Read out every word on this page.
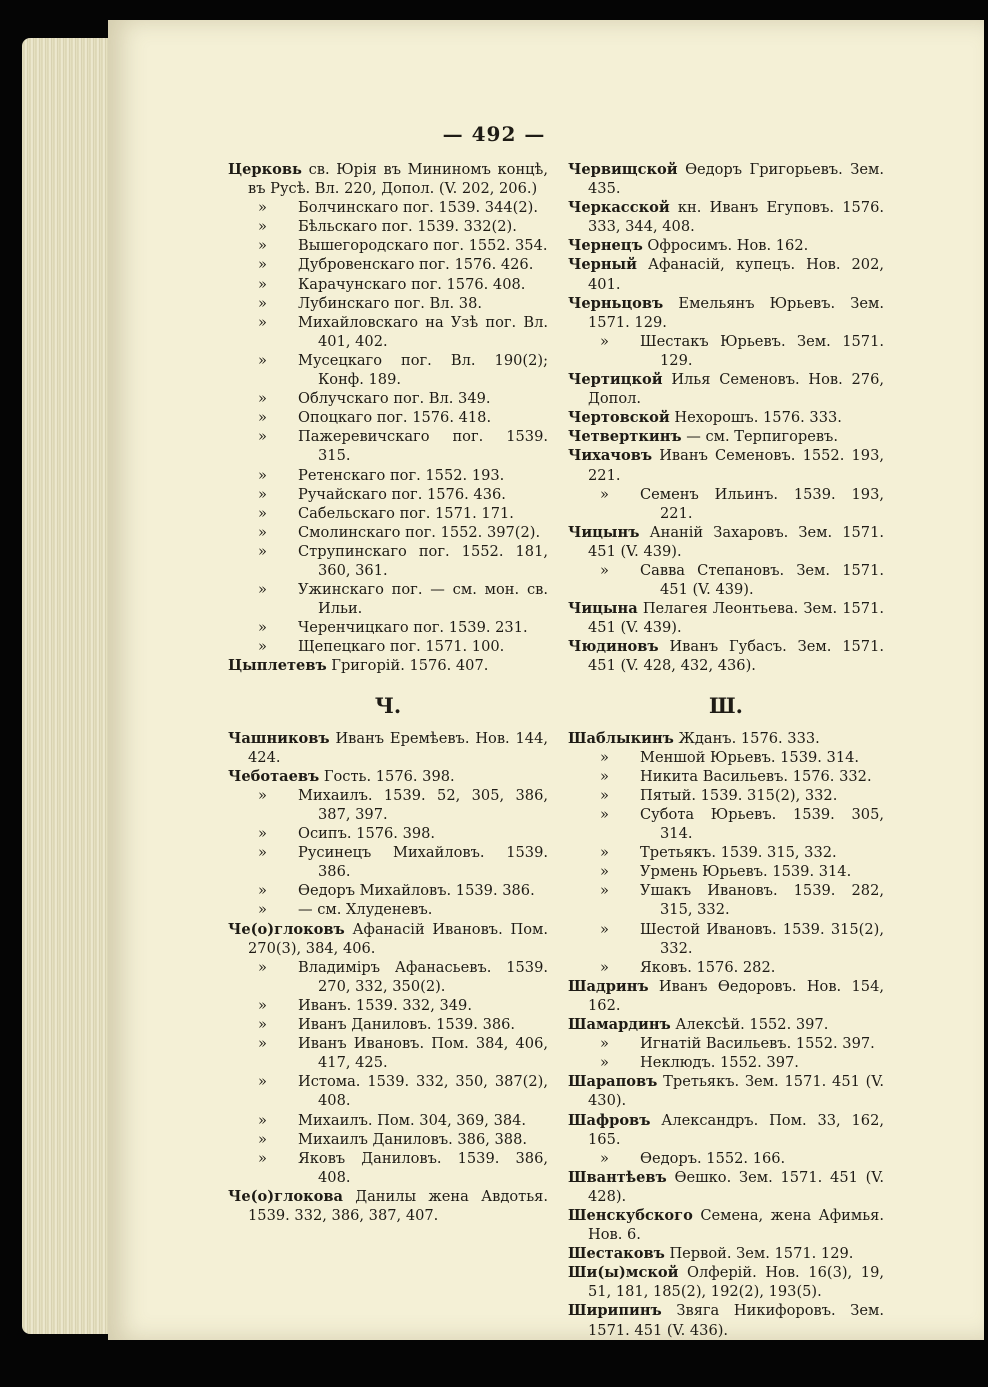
— 492 —
Церковь св. Юрія въ Мининомъ концѣ, въ Русѣ. Вл. 220, Допол. (V. 202, 206.)
» Болчинскаго пог. 1539. 344(2).
» Бѣльскаго пог. 1539. 332(2).
» Вышегородскаго пог. 1552. 354.
» Дубровенскаго пог. 1576. 426.
» Карачунскаго пог. 1576. 408.
» Лубинскаго пог. Вл. 38.
» Михайловскаго на Узѣ пог. Вл. 401, 402.
» Мусецкаго пог. Вл. 190(2); Конф. 189.
» Облучскаго пог. Вл. 349.
» Опоцкаго пог. 1576. 418.
» Пажеревичскаго пог. 1539. 315.
» Ретенскаго пог. 1552. 193.
» Ручайскаго пог. 1576. 436.
» Сабельскаго пог. 1571. 171.
» Смолинскаго пог. 1552. 397(2).
» Струпинскаго пог. 1552. 181, 360, 361.
» Ужинскаго пог. — см. мон. св. Ильи.
» Черенчицкаго пог. 1539. 231.
» Щепецкаго пог. 1571. 100.
Цыплетевъ Григорій. 1576. 407.
Ч.
Чашниковъ Иванъ Еремѣевъ. Нов. 144, 424.
Чеботаевъ Гость. 1576. 398.
» Михаилъ. 1539. 52, 305, 386, 387, 397.
» Осипъ. 1576. 398.
» Русинецъ Михайловъ. 1539. 386.
» Өедоръ Михайловъ. 1539. 386.
» — см. Хлуденевъ.
Че(о)глоковъ Афанасій Ивановъ. Пом. 270(3), 384, 406.
» Владиміръ Афанасьевъ. 1539. 270, 332, 350(2).
» Иванъ. 1539. 332, 349.
» Иванъ Даниловъ. 1539. 386.
» Иванъ Ивановъ. Пом. 384, 406, 417, 425.
» Истома. 1539. 332, 350, 387(2), 408.
» Михаилъ. Пом. 304, 369, 384.
» Михаилъ Даниловъ. 386, 388.
» Яковъ Даниловъ. 1539. 386, 408.
Че(о)глокова Данилы жена Авдотья. 1539. 332, 386, 387, 407.
Червищской Өедоръ Григорьевъ. Зем. 435.
Черкасской кн. Иванъ Егуповъ. 1576. 333, 344, 408.
Чернецъ Офросимъ. Нов. 162.
Черный Афанасій, купецъ. Нов. 202, 401.
Черньцовъ Емельянъ Юрьевъ. Зем. 1571. 129.
» Шестакъ Юрьевъ. Зем. 1571. 129.
Чертицкой Илья Семеновъ. Нов. 276, Допол.
Чертовской Нехорошъ. 1576. 333.
Четверткинъ — см. Терпигоревъ.
Чихачовъ Иванъ Семеновъ. 1552. 193, 221.
» Семенъ Ильинъ. 1539. 193, 221.
Чицынъ Ананій Захаровъ. Зем. 1571. 451 (V. 439).
» Савва Степановъ. Зем. 1571. 451 (V. 439).
Чицына Пелагея Леонтьева. Зем. 1571. 451 (V. 439).
Чюдиновъ Иванъ Губасъ. Зем. 1571. 451 (V. 428, 432, 436).
Ш.
Шаблыкинъ Жданъ. 1576. 333.
» Меншой Юрьевъ. 1539. 314.
» Никита Васильевъ. 1576. 332.
» Пятый. 1539. 315(2), 332.
» Субота Юрьевъ. 1539. 305, 314.
» Третьякъ. 1539. 315, 332.
» Урмень Юрьевъ. 1539. 314.
» Ушакъ Ивановъ. 1539. 282, 315, 332.
» Шестой Ивановъ. 1539. 315(2), 332.
» Яковъ. 1576. 282.
Шадринъ Иванъ Өедоровъ. Нов. 154, 162.
Шамардинъ Алексѣй. 1552. 397.
» Игнатій Васильевъ. 1552. 397.
» Неклюдъ. 1552. 397.
Шараповъ Третьякъ. Зем. 1571. 451 (V. 430).
Шафровъ Александръ. Пом. 33, 162, 165.
» Өедоръ. 1552. 166.
Швантѣевъ Өешко. Зем. 1571. 451 (V. 428).
Шенскубского Семена, жена Афимья. Нов. 6.
Шестаковъ Первой. Зем. 1571. 129.
Ши(ы)мской Олферій. Нов. 16(3), 19, 51, 181, 185(2), 192(2), 193(5).
Ширипинъ Звяга Никифоровъ. Зем. 1571. 451 (V. 436).
